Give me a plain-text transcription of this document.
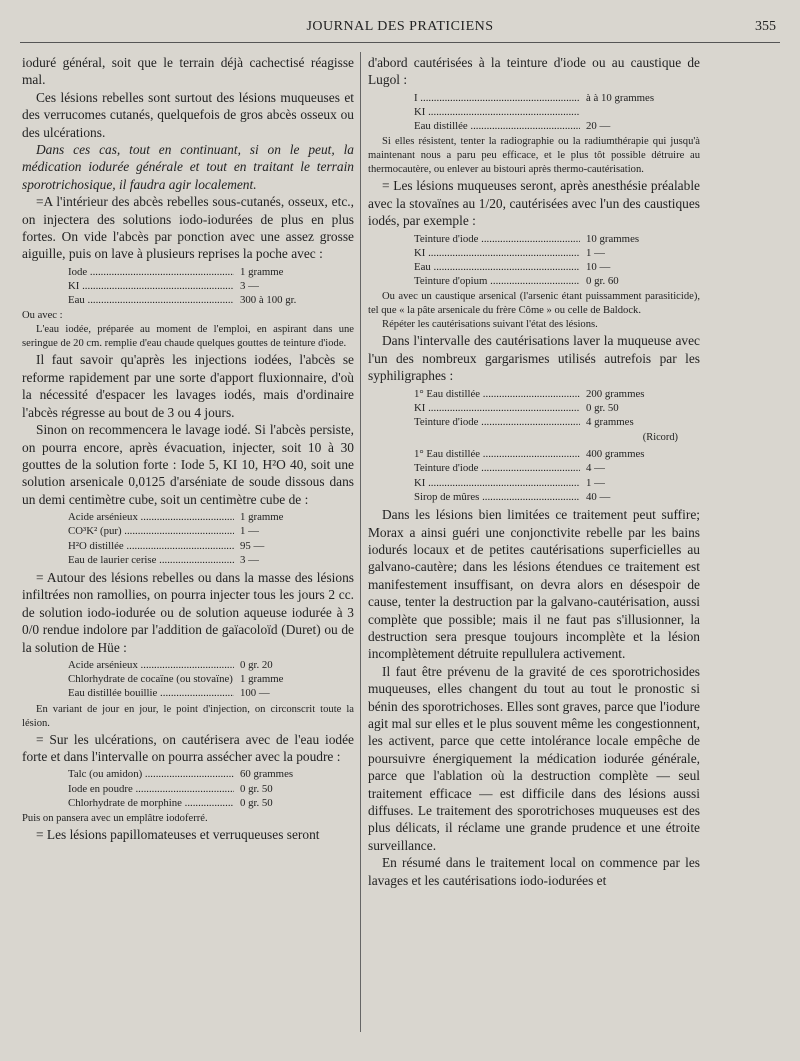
JOURNAL DES PRATICIENS	355

ioduré général, soit que le terrain déjà cachectisé réagisse mal.

Ces lésions rebelles sont surtout des lésions muqueuses et des verrucomes cutanés, quelquefois de gros abcès osseux ou des ulcérations.

Dans ces cas, tout en continuant, si on le peut, la médication iodurée générale et tout en traitant le terrain sporotrichosique, il faudra agir localement.

=A l'intérieur des abcès rebelles sous-cutanés, osseux, etc., on injectera des solutions iodo-iodurées de plus en plus fortes. On vide l'abcès par ponction avec une assez grosse aiguille, puis on lave à plusieurs reprises la poche avec :

Iode .....	1 gramme
KI .....	3 —
Eau .....	300 à 100 gr.

Ou avec :

L'eau iodée, préparée au moment de l'emploi, en aspirant dans une seringue de 20 cm. remplie d'eau chaude quelques gouttes de teinture d'iode.

Il faut savoir qu'après les injections iodées, l'abcès se reforme rapidement par une sorte d'apport fluxionnaire, d'où la nécessité d'espacer les lavages iodés, mais d'ordinaire l'abcès régresse au bout de 3 ou 4 jours.

Sinon on recommencera le lavage iodé. Si l'abcès persiste, on pourra encore, après évacuation, injecter, soit 10 à 30 gouttes de la solution forte : Iode 5, KI 10, H²O 40, soit une solution arsenicale 0,0125 d'arséniate de soude dissous dans un demi centimètre cube, soit un centimètre cube de :

Acide arsénieux .....	1 gramme
CO³K² (pur) .....	1 —
H²O distillée .....	95 —
Eau de laurier cerise .....	3 —

= Autour des lésions rebelles ou dans la masse des lésions infiltrées non ramollies, on pourra injecter tous les jours 2 cc. de solution iodo-iodurée ou de solution aqueuse iodurée à 3 0/0 rendue indolore par l'addition de gaïacoloïd (Duret) ou de la solution de Hüe :

Acide arsénieux .....	0 gr. 20
Chlorhydrate de cocaïne (ou stovaïne) ..... 1 gramme
Eau distillée bouillie .....	100 —

En variant de jour en jour, le point d'injection, on circonscrit toute la lésion.

= Sur les ulcérations, on cautérisera avec de l'eau iodée forte et dans l'intervalle on pourra assécher avec la poudre :

Talc (ou amidon) .....	60 grammes
Iode en poudre .....	0 gr. 50
Chlorhydrate de morphine .....	0 gr. 50

Puis on pansera avec un emplâtre iodoferré.

= Les lésions papillomateuses et verruqueuses seront

d'abord cautérisées à la teinture d'iode ou au caustique de Lugol :

I .....	à à 10 grammes
KI .....
Eau distillée .....	20 —

Si elles résistent, tenter la radiographie ou la radiumthérapie qui jusqu'à maintenant nous a paru peu efficace, et le plus tôt possible détruire au thermocautère, ou enlever au bistouri après thermo-cautérisation.

= Les lésions muqueuses seront, après anesthésie préalable avec la stovaïnes au 1/20, cautérisées avec l'un des caustiques iodés, par exemple :

Teinture d'iode .....	10 grammes
KI .....	1 —
Eau .....	10 —
Teinture d'opium .....	0 gr. 60

Ou avec un caustique arsenical (l'arsenic étant puissamment parasiticide), tel que « la pâte arsenicale du frère Côme » ou celle de Baldock.

Répéter les cautérisations suivant l'état des lésions.

Dans l'intervalle des cautérisations laver la muqueuse avec l'un des nombreux gargarismes utilisés autrefois par les syphiligraphes :

1° Eau distillée .....	200 grammes
KI .....	0 gr. 50
Teinture d'iode .....	4 grammes
(Ricord)
1° Eau distillée .....	400 grammes
Teinture d'iode .....	4 —
KI .....	1 —
Sirop de mûres .....	40 —

Dans les lésions bien limitées ce traitement peut suffire; Morax a ainsi guéri une conjonctivite rebelle par les bains iodurés locaux et de petites cautérisations superficielles au galvano-cautère; dans les lésions étendues ce traitement est manifestement insuffisant, on devra alors en désespoir de cause, tenter la destruction par la galvano-cautérisation, aussi complète que possible; mais il ne faut pas s'illusionner, la destruction sera presque toujours incomplète et la lésion incomplètement détruite repullulera activement.

Il faut être prévenu de la gravité de ces sporotrichosides muqueuses, elles changent du tout au tout le pronostic si bénin des sporotrichoses. Elles sont graves, parce que l'iodure agit mal sur elles et le plus souvent même les congestionnent, les activent, parce que cette intolérance locale empêche de poursuivre énergiquement la médication iodurée générale, parce que l'ablation où la destruction complète — seul traitement efficace — est difficile dans des lésions aussi diffuses. Le traitement des sporotrichoses muqueuses est des plus délicats, il réclame une grande prudence et une étroite surveillance.

En résumé dans le traitement local on commence par les lavages et les cautérisations iodo-iodurées et
